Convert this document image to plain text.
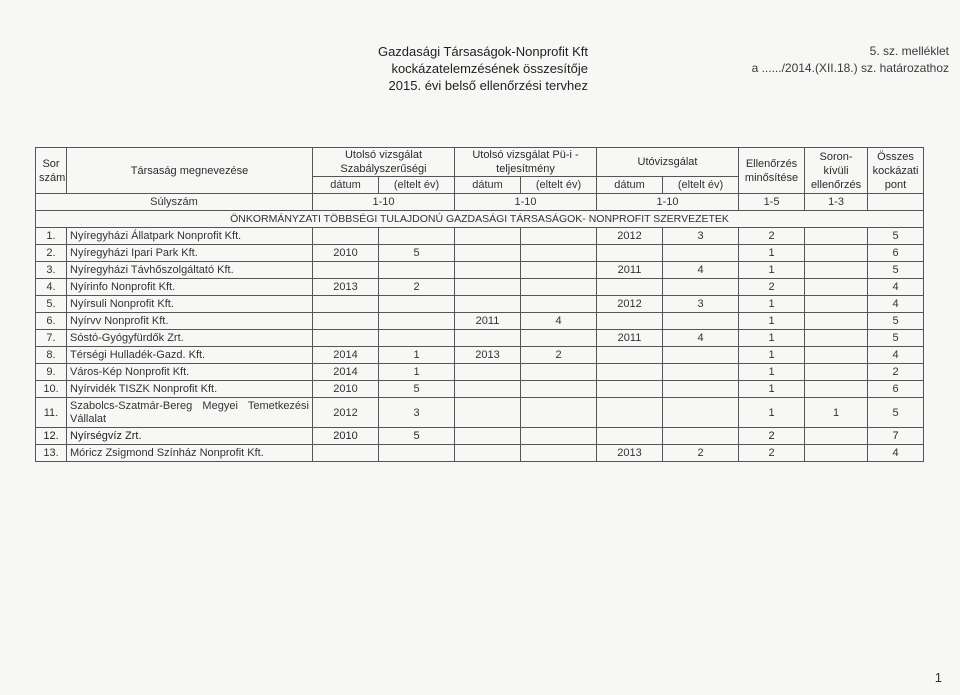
Gazdasági Társaságok-Nonprofit Kft
kockázatelemzésének összesítője
2015. évi belső ellenőrzési tervhez
5. sz. melléklet
a ....../2014.(XII.18.) sz. határozathoz
Sor szám	Társaság megnevezése	Utolsó vizsgálat Szabályszerűségi		Utolsó vizsgálat Pü-i - teljesítmény		Utóvizsgálat		Ellenőrzés minősítése	Soron-kívüli ellenőrzés	Összes kockázati pont
		dátum	(eltelt év)	dátum	(eltelt év)	dátum	(eltelt év)			
Súlyszám		1-10		1-10		1-10		1-5	1-3	
ÖNKORMÁNYZATI TÖBBSÉGI TULAJDONÚ GAZDASÁGI TÁRSASÁGOK- NONPROFIT SZERVEZETEK										
1.	Nyíregyházi Állatpark Nonprofit Kft.					2012	3	2		5
2.	Nyíregyházi Ipari Park Kft.	2010	5					1		6
3.	Nyíregyházi Távhőszolgáltató Kft.					2011	4	1		5
4.	Nyírinfo Nonprofit Kft.	2013	2					2		4
5.	Nyírsuli Nonprofit Kft.					2012	3	1		4
6.	Nyírvv Nonprofit Kft.			2011	4			1		5
7.	Sóstó-Gyógyfürdők Zrt.					2011	4	1		5
8.	Térségi Hulladék-Gazd. Kft.	2014	1	2013	2			1		4
9.	Város-Kép Nonprofit Kft.	2014	1					1		2
10.	Nyírvidék TISZK Nonprofit Kft.	2010	5					1		6
11.	Szabolcs-Szatmár-Bereg Megyei Temetkezési Vállalat	2012	3					1	1	5
12.	Nyírségvíz Zrt.	2010	5					2		7
13.	Móricz Zsigmond Színház Nonprofit Kft.					2013	2	2		4
1
